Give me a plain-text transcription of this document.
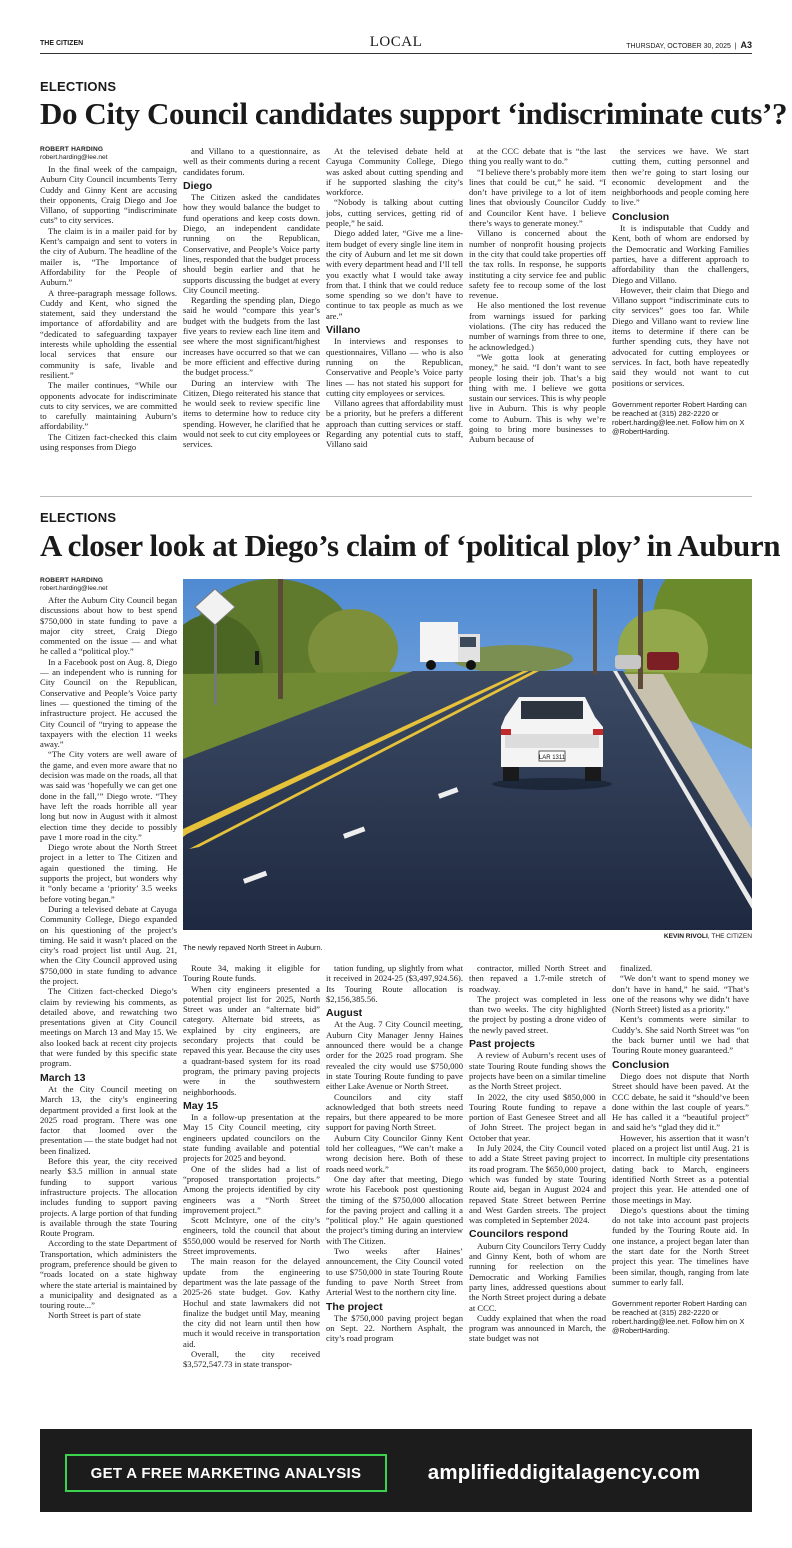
THE CITIZEN	LOCAL	THURSDAY, OCTOBER 30, 2025  |  A3
ELECTIONS
Do City Council candidates support ‘indiscriminate cuts’?
ROBERT HARDING
robert.harding@lee.net

In the final week of the campaign, Auburn City Council incumbents Terry Cuddy and Ginny Kent are accusing their opponents, Craig Diego and Joe Villano, of supporting “indiscriminate cuts” to city services.

The claim is in a mailer paid for by Kent’s campaign and sent to voters in the city of Auburn. The headline of the mailer is, “The Importance of Affordability for the People of Auburn.”

A three-paragraph message follows. Cuddy and Kent, who signed the statement, said they understand the importance of affordability and are “dedicated to safeguarding taxpayer interests while upholding the essential local services that ensure our community is safe, livable and resilient.”

The mailer continues, “While our opponents advocate for indiscriminate cuts to city services, we are committed to carefully maintaining Auburn’s affordability.”

The Citizen fact-checked this claim using responses from Diego

and Villano to a questionnaire, as well as their comments during a recent candidates forum.

Diego

The Citizen asked the candidates how they would balance the budget to fund operations and keep costs down. Diego, an independent candidate running on the Republican, Conservative, and People’s Voice party lines, responded that the budget process should begin earlier and that he supports discussing the budget at every City Council meeting.

Regarding the spending plan, Diego said he would “compare this year’s budget with the budgets from the last five years to review each line item and see where the most significant/highest increases have occurred so that we can be more efficient and effective during the budget process.”

During an interview with The Citizen, Diego reiterated his stance that he would seek to review specific line items to determine how to reduce city spending. However, he clarified that he would not seek to cut city employees or services.

At the televised debate held at Cayuga Community College, Diego was asked about cutting spending and if he supported slashing the city’s workforce.

“Nobody is talking about cutting jobs, cutting services, getting rid of people,” he said.

Diego added later, “Give me a line-item budget of every single line item in the city of Auburn and let me sit down with every department head and I’ll tell you exactly what I would take away from that. I think that we could reduce some spending so we don’t have to continue to tax people as much as we are.”

Villano

In interviews and responses to questionnaires, Villano — who is also running on the Republican, Conservative and People’s Voice party lines — has not stated his support for cutting city employees or services.

Villano agrees that affordability must be a priority, but he prefers a different approach than cutting services or staff. Regarding any potential cuts to staff, Villano said

at the CCC debate that is “the last thing you really want to do.”

“I believe there’s probably more item lines that could be cut,” he said. “I don’t have privilege to a lot of item lines that obviously Councilor Cuddy and Councilor Kent have. I believe there’s ways to generate money.”

Villano is concerned about the number of nonprofit housing projects in the city that could take properties off the tax rolls. In response, he supports instituting a city service fee and public safety fee to recoup some of the lost revenue.

He also mentioned the lost revenue from warnings issued for parking violations. (The city has reduced the number of warnings from three to one, he acknowledged.)

“We gotta look at generating money,” he said. “I don’t want to see people losing their job. That’s a big thing with me. I believe we gotta sustain our services. This is why people live in Auburn. This is why people come to Auburn. This is why we’re going to bring more businesses to Auburn because of

the services we have. We start cutting them, cutting personnel and then we’re going to start losing our economic development and the neighborhoods and people coming here to live.”

Conclusion

It is indisputable that Cuddy and Kent, both of whom are endorsed by the Democratic and Working Families parties, have a different approach to affordability than the challengers, Diego and Villano.

However, their claim that Diego and Villano support “indiscriminate cuts to city services” goes too far. While Diego and Villano want to review line items to determine if there can be further spending cuts, they have not advocated for cutting employees or services. In fact, both have repeatedly said they would not want to cut positions or services.

Government reporter Robert Harding can be reached at (315) 282-2220 or robert.harding@lee.net. Follow him on X @RobertHarding.
ELECTIONS
A closer look at Diego’s claim of ‘political ploy’ in Auburn
ROBERT HARDING
robert.harding@lee.net

After the Auburn City Council began discussions about how to best spend $750,000 in state funding to pave a major city street, Craig Diego commented on the issue — and what he called a “political ploy.”

In a Facebook post on Aug. 8, Diego — an independent who is running for City Council on the Republican, Conservative and People’s Voice party lines — questioned the timing of the infrastructure project. He accused the City Council of “trying to appease the taxpayers with the election 11 weeks away.”

“The City voters are well aware of the game, and even more aware that no decision was made on the roads, all that was said was ‘hopefully we can get one done in the fall,’” Diego wrote. “They have left the roads horrible all year long but now in August with it almost election time they decide to possibly pave 1 more road in the city.”

Diego wrote about the North Street project in a letter to The Citizen and again questioned the timing. He supports the project, but wonders why it “only became a ‘priority’ 3.5 weeks before voting began.”

During a televised debate at Cayuga Community College, Diego expanded on his questioning of the project’s timing. He said it wasn’t placed on the city’s road project list until Aug. 21, when the City Council approved using $750,000 in state funding to advance the project.

The Citizen fact-checked Diego’s claim by reviewing his comments, as detailed above, and rewatching two presentations given at City Council meetings on March 13 and May 15. We also looked back at recent city projects that were funded by this specific state program.

March 13

At the City Council meeting on March 13, the city’s engineering department provided a first look at the 2025 road program. There was one factor that loomed over the presentation — the state budget had not been finalized.

Before this year, the city received nearly $3.5 million in annual state funding to support various infrastructure projects. The allocation includes funding to support paving projects. A large portion of that funding is available through the state Touring Route Program.

According to the state Department of Transportation, which administers the program, preference should be given to “roads located on a state highway where the state arterial is maintained by a municipality and designated as a touring route...”

North Street is part of state

LAR 1311
KEVIN RIVOLI, THE CITIZEN
The newly repaved North Street in Auburn.

Route 34, making it eligible for Touring Route funds.

When city engineers presented a potential project list for 2025, North Street was under an “alternate bid” category. Alternate bid streets, as explained by city engineers, are secondary projects that could be repaved this year. Because the city uses a quadrant-based system for its road program, the primary paving projects were in the southwestern neighborhoods.

May 15

In a follow-up presentation at the May 15 City Council meeting, city engineers updated councilors on the state funding available and potential projects for 2025 and beyond.

One of the slides had a list of “proposed transportation projects.” Among the projects identified by city engineers was a “North Street improvement project.”

Scott McIntyre, one of the city’s engineers, told the council that about $550,000 would be reserved for North Street improvements.

The main reason for the delayed update from the engineering department was the late passage of the 2025-26 state budget. Gov. Kathy Hochul and state lawmakers did not finalize the budget until May, meaning the city did not learn until then how much it would receive in transportation aid.

Overall, the city received $3,572,547.73 in state transpor-

tation funding, up slightly from what it received in 2024-25 ($3,497,924.56). Its Touring Route allocation is $2,156,385.56.

August

At the Aug. 7 City Council meeting, Auburn City Manager Jenny Haines announced there would be a change order for the 2025 road program. She revealed the city would use $750,000 in state Touring Route funding to pave either Lake Avenue or North Street.

Councilors and city staff acknowledged that both streets need repairs, but there appeared to be more support for paving North Street.

Auburn City Councilor Ginny Kent told her colleagues, “We can’t make a wrong decision here. Both of these roads need work.”

One day after that meeting, Diego wrote his Facebook post questioning the timing of the $750,000 allocation for the paving project and calling it a “political ploy.” He again questioned the project’s timing during an interview with The Citizen.

Two weeks after Haines’ announcement, the City Council voted to use $750,000 in state Touring Route funding to pave North Street from Arterial West to the northern city line.

The project

The $750,000 paving project began on Sept. 22. Northern Asphalt, the city’s road program

contractor, milled North Street and then repaved a 1.7-mile stretch of roadway.

The project was completed in less than two weeks. The city highlighted the project by posting a drone video of the newly paved street.

Past projects

A review of Auburn’s recent uses of state Touring Route funding shows the projects have been on a similar timeline as the North Street project.

In 2022, the city used $850,000 in Touring Route funding to repave a portion of East Genesee Street and all of John Street. The project began in October that year.

In July 2024, the City Council voted to add a State Street paving project to its road program. The $650,000 project, which was funded by state Touring Route aid, began in August 2024 and repaved State Street between Perrine and West Garden streets. The project was completed in September 2024.

Councilors respond

Auburn City Councilors Terry Cuddy and Ginny Kent, both of whom are running for reelection on the Democratic and Working Families party lines, addressed questions about the North Street project during a debate at CCC.

Cuddy explained that when the road program was announced in March, the state budget was not

finalized.

“We don’t want to spend money we don’t have in hand,” he said. “That’s one of the reasons why we didn’t have (North Street) listed as a priority.”

Kent’s comments were similar to Cuddy’s. She said North Street was “on the back burner until we had that Touring Route money guaranteed.”

Conclusion

Diego does not dispute that North Street should have been paved. At the CCC debate, he said it “should’ve been done within the last couple of years.” He has called it a “beautiful project” and said he’s “glad they did it.”

However, his assertion that it wasn’t placed on a project list until Aug. 21 is incorrect. In multiple city presentations dating back to March, engineers identified North Street as a potential project this year. He attended one of those meetings in May.

Diego’s questions about the timing do not take into account past projects funded by the Touring Route aid. In one instance, a project began later than the start date for the North Street project this year. The timelines have been similar, though, ranging from late summer to early fall.

Government reporter Robert Harding can be reached at (315) 282-2220 or robert.harding@lee.net. Follow him on X @RobertHarding.
GET A FREE MARKETING ANALYSIS	amplifieddigitalagency.com
